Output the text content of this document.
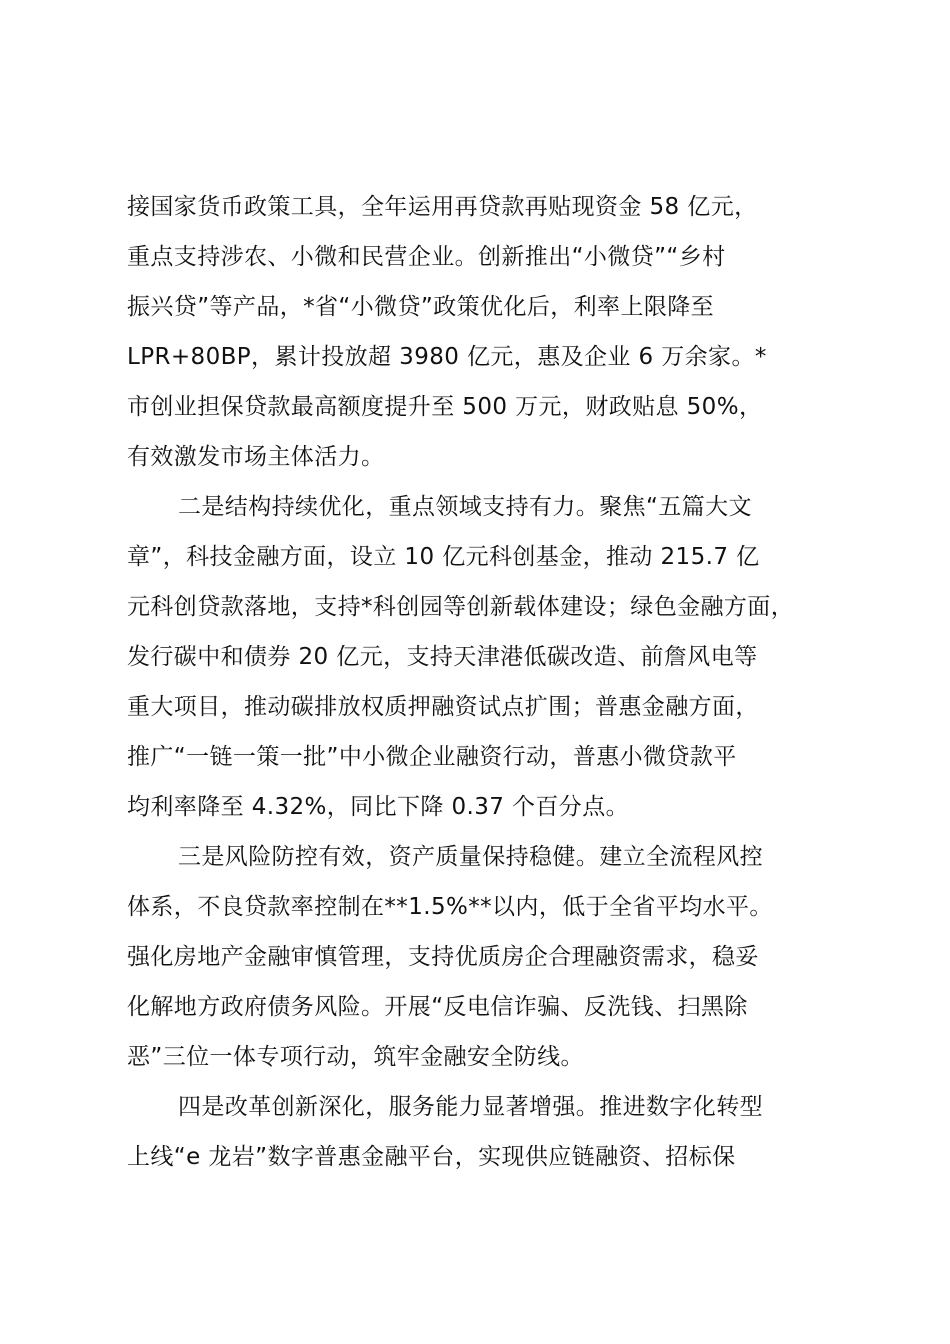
接国家货币政策工具，全年运用再贷款再贴现资金 58 亿元，
重点支持涉农、小微和民营企业。创新推出“小微贷”“乡村
振兴贷”等产品，*省“小微贷”政策优化后，利率上限降至
LPR+80BP，累计投放超 3980 亿元，惠及企业 6 万余家。*
市创业担保贷款最高额度提升至 500 万元，财政贴息 50%，
有效激发市场主体活力。
二是结构持续优化，重点领域支持有力。聚焦“五篇大文
章”，科技金融方面，设立 10 亿元科创基金，推动 215.7 亿
元科创贷款落地，支持*科创园等创新载体建设；绿色金融方面，
发行碳中和债券 20 亿元，支持天津港低碳改造、前詹风电等
重大项目，推动碳排放权质押融资试点扩围；普惠金融方面，
推广“一链一策一批”中小微企业融资行动，普惠小微贷款平
均利率降至 4.32%，同比下降 0.37 个百分点。
三是风险防控有效，资产质量保持稳健。建立全流程风控
体系，不良贷款率控制在**1.5%**以内，低于全省平均水平。
强化房地产金融审慎管理，支持优质房企合理融资需求，稳妥
化解地方政府债务风险。开展“反电信诈骗、反洗钱、扫黑除
恶”三位一体专项行动，筑牢金融安全防线。
四是改革创新深化，服务能力显著增强。推进数字化转型
上线“e 龙岩”数字普惠金融平台，实现供应链融资、招标保
